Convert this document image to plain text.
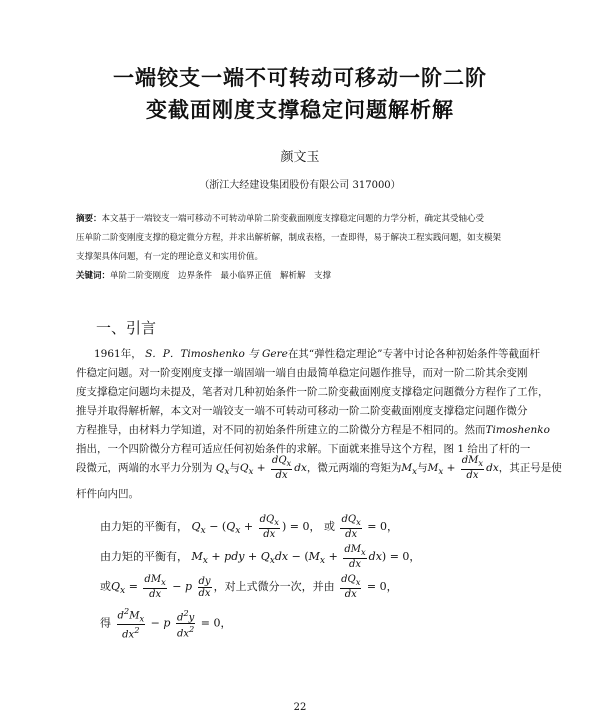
一端铰支一端不可转动可移动一阶二阶
变截面刚度支撑稳定问题解析解
颜文玉
（浙江大经建设集团股份有限公司 317000）
摘要：本文基于一端铰支一端可移动不可转动单阶二阶变截面刚度支撑稳定问题的力学分析，确定其受轴心受
压单阶二阶变刚度支撑的稳定微分方程，并求出解析解，制成表格，一查即得，易于解决工程实践问题，如支模架
支撑架具体问题，有一定的理论意义和实用价值。
关键词：单阶二阶变刚度　边界条件　最小临界正值　解析解　支撑
一、引言
1961年， S．P．Timoshenko 与 Gere在其“弹性稳定理论”专著中讨论各种初始条件等截面杆
件稳定问题。对一阶变刚度支撑一端固端一端自由最简单稳定问题作推导，而对一阶二阶其余变刚
度支撑稳定问题均未提及，笔者对几种初始条件一阶二阶变截面刚度支撑稳定问题微分方程作了工作，
推导并取得解析解，本文对一端铰支一端不可转动可移动一阶二阶变截面刚度支撑稳定问题作微分
方程推导，由材料力学知道，对不同的初始条件所建立的二阶微分方程是不相同的。然而Timoshenko
指出，一个四阶微分方程可适应任何初始条件的求解。下面就来推导这个方程，图 1 给出了杆的一
段微元，两端的水平力分别为 $Q_x$与$Q_x + \frac{dQ_x}{dx}$ dx，微元两端的弯矩为$M_x$与$M_x + \frac{dM_x}{dx}$ dx，其正号是使
杆件向内凹。
由力矩的平衡有， $Q_x - (Q_x + \frac{dQ_x}{dx}$ ) = 0， 或 $\frac{dQ_x}{dx} = 0$，
由力矩的平衡有， $M_x$ + pdy + $Q_xdx - (M_x + \frac{dM_x}{dx} dx) = 0$，
或$Q_x = \frac{dM_x}{dx} - p \frac{dy}{dx}$ ，对上式微分一次，并由 $\frac{dQ_x}{dx} = 0$，
得 $\frac{d^2M_x}{dx^2} - p \frac{d^2y}{dx^2} = 0$，
22
